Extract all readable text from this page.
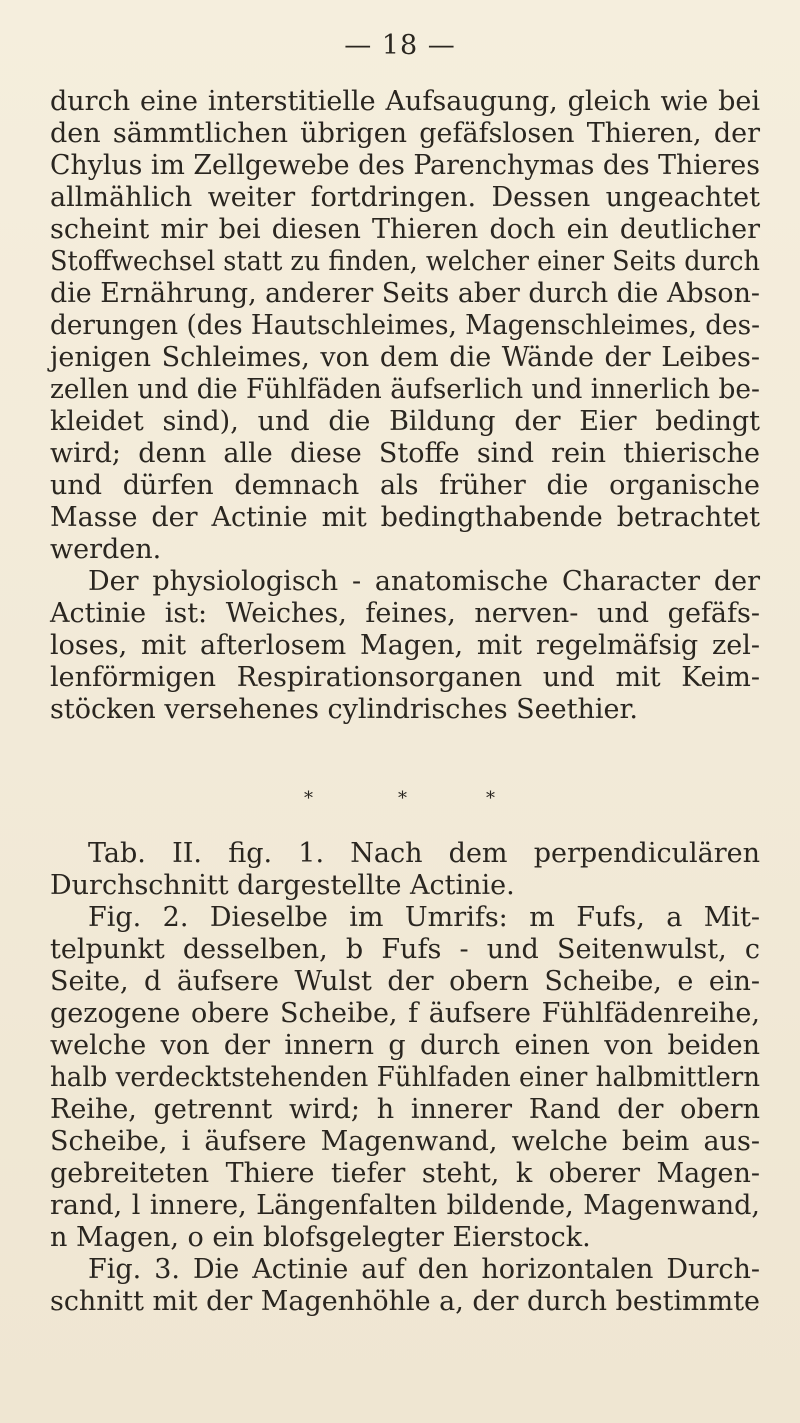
— 18 —
durch eine interstitielle Aufsaugung, gleich wie bei
den sämmtlichen übrigen gefäfslosen Thieren, der
Chylus im Zellgewebe des Parenchymas des Thieres
allmählich weiter fortdringen. Dessen ungeachtet
scheint mir bei diesen Thieren doch ein deutlicher
Stoffwechsel statt zu finden, welcher einer Seits durch
die Ernährung, anderer Seits aber durch die Abson-
derungen (des Hautschleimes, Magenschleimes, des-
jenigen Schleimes, von dem die Wände der Leibes-
zellen und die Fühlfäden äufserlich und innerlich be-
kleidet sind), und die Bildung der Eier bedingt
wird; denn alle diese Stoffe sind rein thierische
und dürfen demnach als früher die organische
Masse der Actinie mit bedingthabende betrachtet
werden.
Der physiologisch - anatomische Character der
Actinie ist: Weiches, feines, nerven- und gefäfs-
loses, mit afterlosem Magen, mit regelmäfsig zel-
lenförmigen Respirationsorganen und mit Keim-
stöcken versehenes cylindrisches Seethier.
*	*	*
Tab. II. fig. 1. Nach dem perpendiculären
Durchschnitt dargestellte Actinie.
Fig. 2. Dieselbe im Umrifs: m Fufs, a Mit-
telpunkt desselben, b Fufs - und Seitenwulst, c
Seite, d äufsere Wulst der obern Scheibe, e ein-
gezogene obere Scheibe, f äufsere Fühlfädenreihe,
welche von der innern g durch einen von beiden
halb verdecktstehenden Fühlfaden einer halbmittlern
Reihe, getrennt wird; h innerer Rand der obern
Scheibe, i äufsere Magenwand, welche beim aus-
gebreiteten Thiere tiefer steht, k oberer Magen-
rand, l innere, Längenfalten bildende, Magenwand,
n Magen, o ein blofsgelegter Eierstock.
Fig. 3. Die Actinie auf den horizontalen Durch-
schnitt mit der Magenhöhle a, der durch bestimmte
